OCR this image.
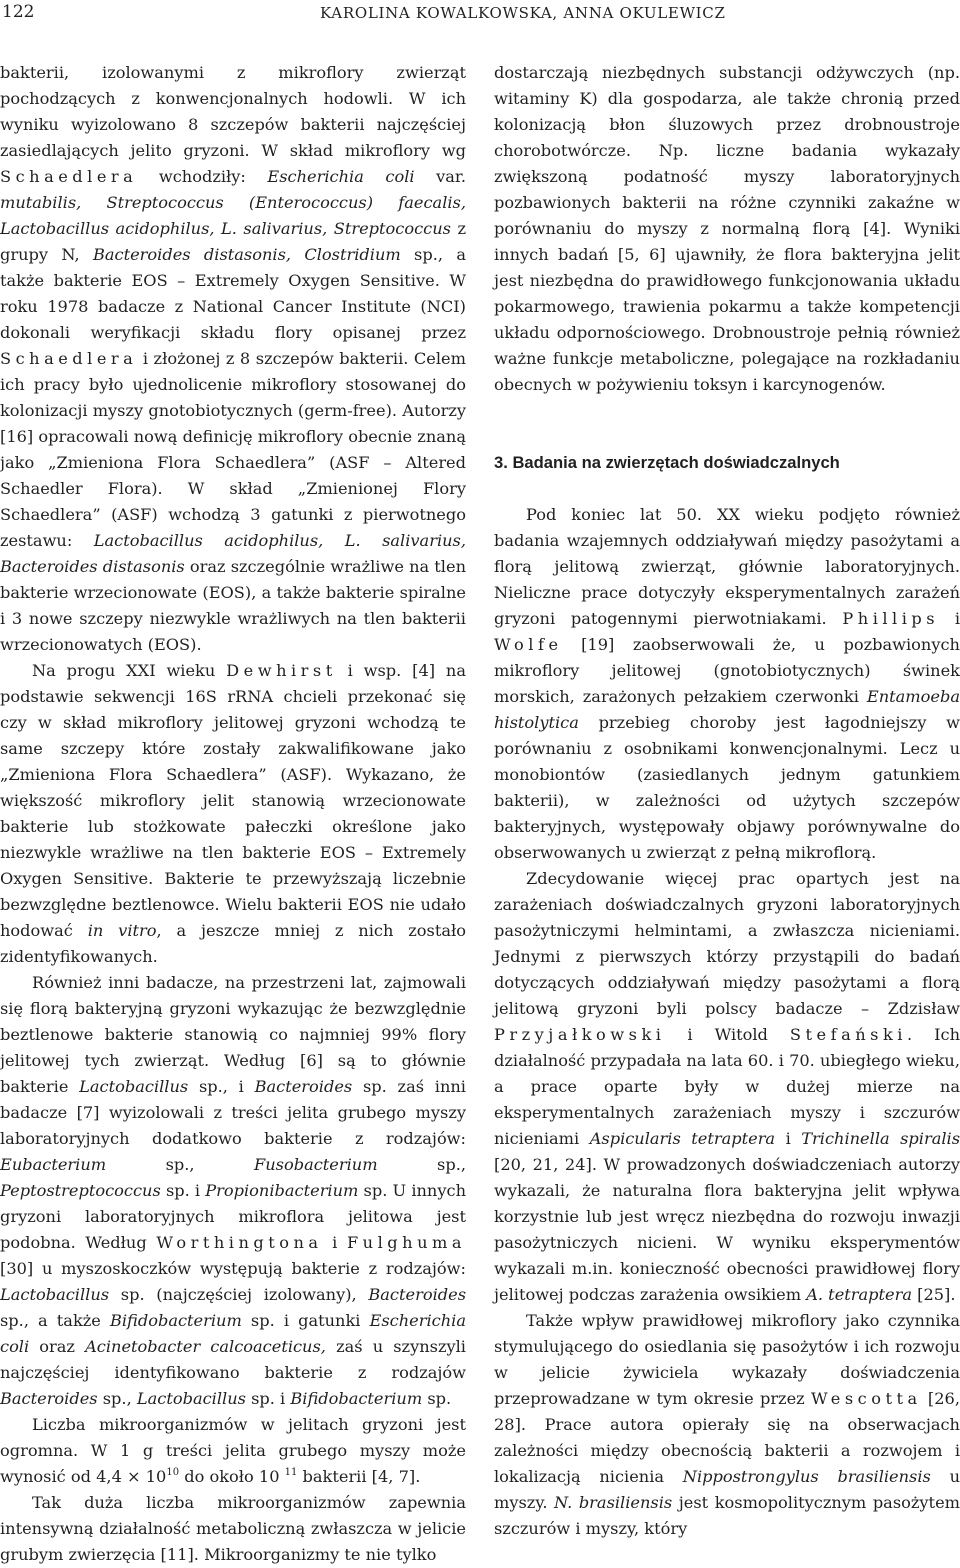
122	KAROLINA KOWALKOWSKA, ANNA OKULEWICZ

bakterii, izolowanymi z mikroflory zwierząt pochodzących z konwencjonalnych hodowli. W ich wyniku wyizolowano 8 szczepów bakterii najczęściej zasiedlających jelito gryzoni. W skład mikroflory wg Schaedlera wchodziły: Escherichia coli var. mutabilis, Streptococcus (Enterococcus) faecalis, Lactobacillus acidophilus, L. salivarius, Streptococcus z grupy N, Bacteroides distasonis, Clostridium sp., a także bakterie EOS – Extremely Oxygen Sensitive. W roku 1978 badacze z National Cancer Institute (NCI) dokonali weryfikacji składu flory opisanej przez Schaedlera i złożonej z 8 szczepów bakterii. Celem ich pracy było ujednolicenie mikroflory stosowanej do kolonizacji myszy gnotobiotycznych (germ-free). Autorzy [16] opracowali nową definicję mikroflory obecnie znaną jako „Zmieniona Flora Schaedlera” (ASF – Altered Schaedler Flora). W skład „Zmienionej Flory Schaedlera” (ASF) wchodzą 3 gatunki z pierwotnego zestawu: Lactobacillus acidophilus, L. salivarius, Bacteroides distasonis oraz szczególnie wrażliwe na tlen bakterie wrzecionowate (EOS), a także bakterie spiralne i 3 nowe szczepy niezwykle wrażliwych na tlen bakterii wrzecionowatych (EOS).

Na progu XXI wieku Dewhirst i wsp. [4] na podstawie sekwencji 16S rRNA chcieli przekonać się czy w skład mikroflory jelitowej gryzoni wchodzą te same szczepy które zostały zakwalifikowane jako „Zmieniona Flora Schaedlera” (ASF). Wykazano, że większość mikroflory jelit stanowią wrzecionowate bakterie lub stożkowate pałeczki określone jako niezwykle wrażliwe na tlen bakterie EOS – Extremely Oxygen Sensitive. Bakterie te przewyższają liczebnie bezwzględne beztlenowce. Wielu bakterii EOS nie udało hodować in vitro, a jeszcze mniej z nich zostało zidentyfikowanych.

Również inni badacze, na przestrzeni lat, zajmowali się florą bakteryjną gryzoni wykazując że bezwzględnie beztlenowe bakterie stanowią co najmniej 99% flory jelitowej tych zwierząt. Według [6] są to głównie bakterie Lactobacillus sp., i Bacteroides sp. zaś inni badacze [7] wyizolowali z treści jelita grubego myszy laboratoryjnych dodatkowo bakterie z rodzajów: Eubacterium sp., Fusobacterium sp., Peptostreptococcus sp. i Propionibacterium sp. U innych gryzoni laboratoryjnych mikroflora jelitowa jest podobna. Według Worthingtona i Fulghuma [30] u myszoskoczków występują bakterie z rodzajów: Lactobacillus sp. (najczęściej izolowany), Bacteroides sp., a także Bifidobacterium sp. i gatunki Escherichia coli oraz Acinetobacter calcoaceticus, zaś u szynszyli najczęściej identyfikowano bakterie z rodzajów Bacteroides sp., Lactobacillus sp. i Bifidobacterium sp.

Liczba mikroorganizmów w jelitach gryzoni jest ogromna. W 1 g treści jelita grubego myszy może wynosić od $4,4 \times 10^{10}$ do około 10 $^{11}$ bakterii [4, 7].

Tak duża liczba mikroorganizmów zapewnia intensywną działalność metaboliczną zwłaszcza w jelicie grubym zwierzęcia [11]. Mikroorganizmy te nie tylko

dostarczają niezbędnych substancji odżywczych (np. witaminy K) dla gospodarza, ale także chronią przed kolonizacją błon śluzowych przez drobnoustroje chorobotwórcze. Np. liczne badania wykazały zwiększoną podatność myszy laboratoryjnych pozbawionych bakterii na różne czynniki zakaźne w porównaniu do myszy z normalną florą [4]. Wyniki innych badań [5, 6] ujawniły, że flora bakteryjna jelit jest niezbędna do prawidłowego funkcjonowania układu pokarmowego, trawienia pokarmu a także kompetencji układu odpornościowego. Drobnoustroje pełnią również ważne funkcje metaboliczne, polegające na rozkładaniu obecnych w pożywieniu toksyn i karcynogenów.

3. Badania na zwierzętach doświadczalnych

Pod koniec lat 50. XX wieku podjęto również badania wzajemnych oddziaływań między pasożytami a florą jelitową zwierząt, głównie laboratoryjnych. Nieliczne prace dotyczyły eksperymentalnych zarażeń gryzoni patogennymi pierwotniakami. Phillips i Wolfe [19] zaobserwowali że, u pozbawionych mikroflory jelitowej (gnotobiotycznych) świnek morskich, zarażonych pełzakiem czerwonki Entamoeba histolytica przebieg choroby jest łagodniejszy w porównaniu z osobnikami konwencjonalnymi. Lecz u monobiontów (zasiedlanych jednym gatunkiem bakterii), w zależności od użytych szczepów bakteryjnych, występowały objawy porównywalne do obserwowanych u zwierząt z pełną mikroflorą.

Zdecydowanie więcej prac opartych jest na zarażeniach doświadczalnych gryzoni laboratoryjnych pasożytniczymi helmintami, a zwłaszcza nicieniami. Jednymi z pierwszych którzy przystąpili do badań dotyczących oddziaływań między pasożytami a florą jelitową gryzoni byli polscy badacze – Zdzisław Przyjałkowski i Witold Stefański. Ich działalność przypadała na lata 60. i 70. ubiegłego wieku, a prace oparte były w dużej mierze na eksperymentalnych zarażeniach myszy i szczurów nicieniami Aspicularis tetraptera i Trichinella spiralis [20, 21, 24]. W prowadzonych doświadczeniach autorzy wykazali, że naturalna flora bakteryjna jelit wpływa korzystnie lub jest wręcz niezbędna do rozwoju inwazji pasożytniczych nicieni. W wyniku eksperymentów wykazali m.in. konieczność obecności prawidłowej flory jelitowej podczas zarażenia owsikiem A. tetraptera [25].

Także wpływ prawidłowej mikroflory jako czynnika stymulującego do osiedlania się pasożytów i ich rozwoju w jelicie żywiciela wykazały doświadczenia przeprowadzane w tym okresie przez Wescotta [26, 28]. Prace autora opierały się na obserwacjach zależności między obecnością bakterii a rozwojem i lokalizacją nicienia Nippostrongylus brasiliensis u myszy. N. brasiliensis jest kosmopolitycznym pasożytem szczurów i myszy, który
